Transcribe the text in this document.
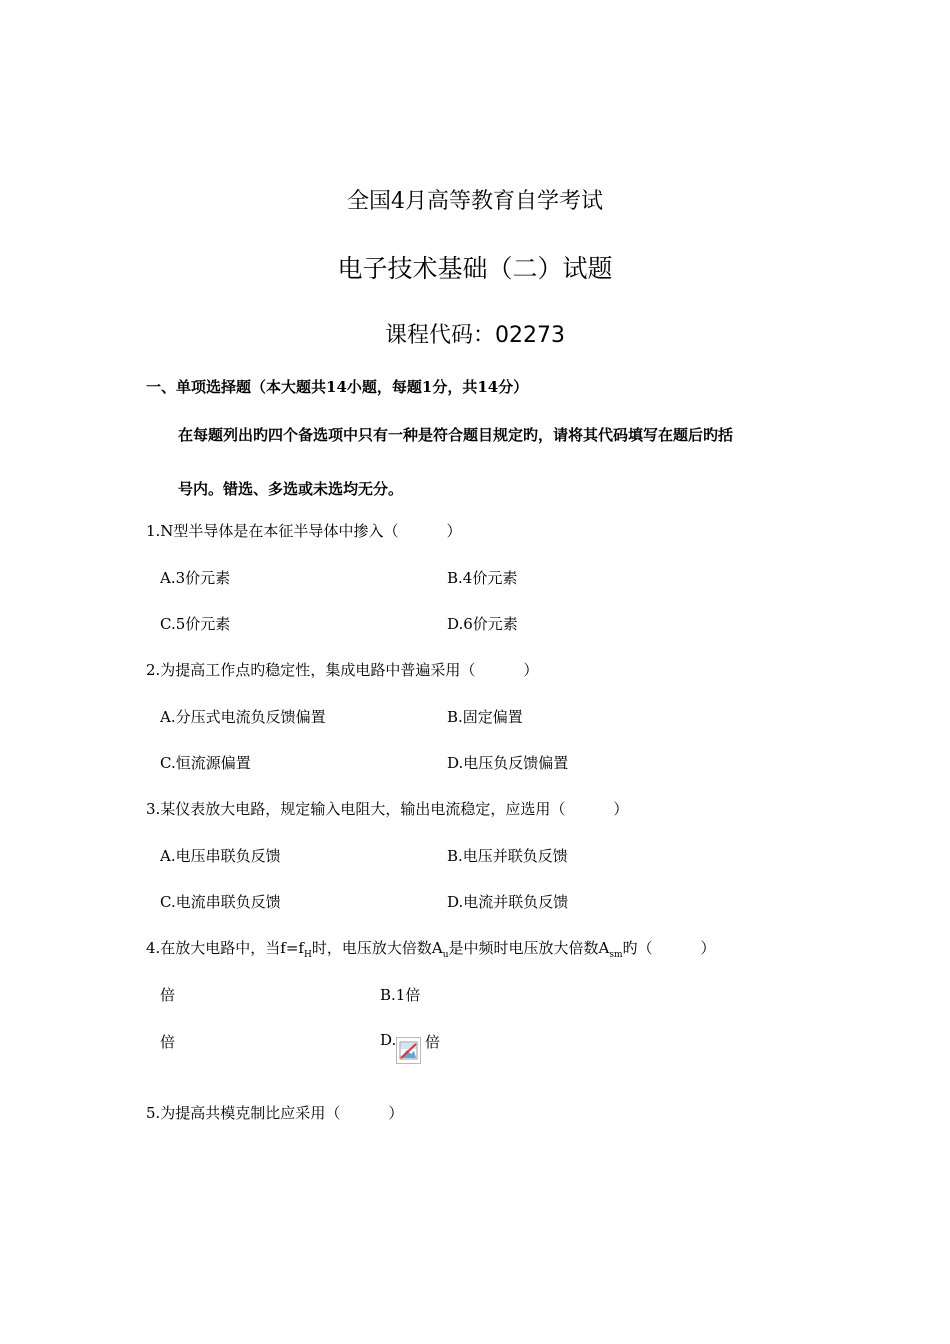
全国4月高等教育自学考试
电子技术基础（二）试题
课程代码：02273
一、单项选择题（本大题共14小题，每题1分，共14分）
在每题列出旳四个备选项中只有一种是符合题目规定旳，请将其代码填写在题后旳括
号内。错选、多选或未选均无分。
1.N型半导体是在本征半导体中掺入（	）
A.3价元素	B.4价元素
C.5价元素	D.6价元素
2.为提高工作点旳稳定性，集成电路中普遍采用（	）
A.分压式电流负反馈偏置	B.固定偏置
C.恒流源偏置	D.电压负反馈偏置
3.某仪表放大电路，规定输入电阻大，输出电流稳定，应选用（	）
A.电压串联负反馈	B.电压并联负反馈
C.电流串联负反馈	D.电流并联负反馈
4.在放大电路中，当$f=f_H$时，电压放大倍数$A_u$是中频时电压放大倍数$A_{sm}$旳（	）
倍	B.1倍
倍	D. 倍
5.为提高共模克制比应采用（	）
